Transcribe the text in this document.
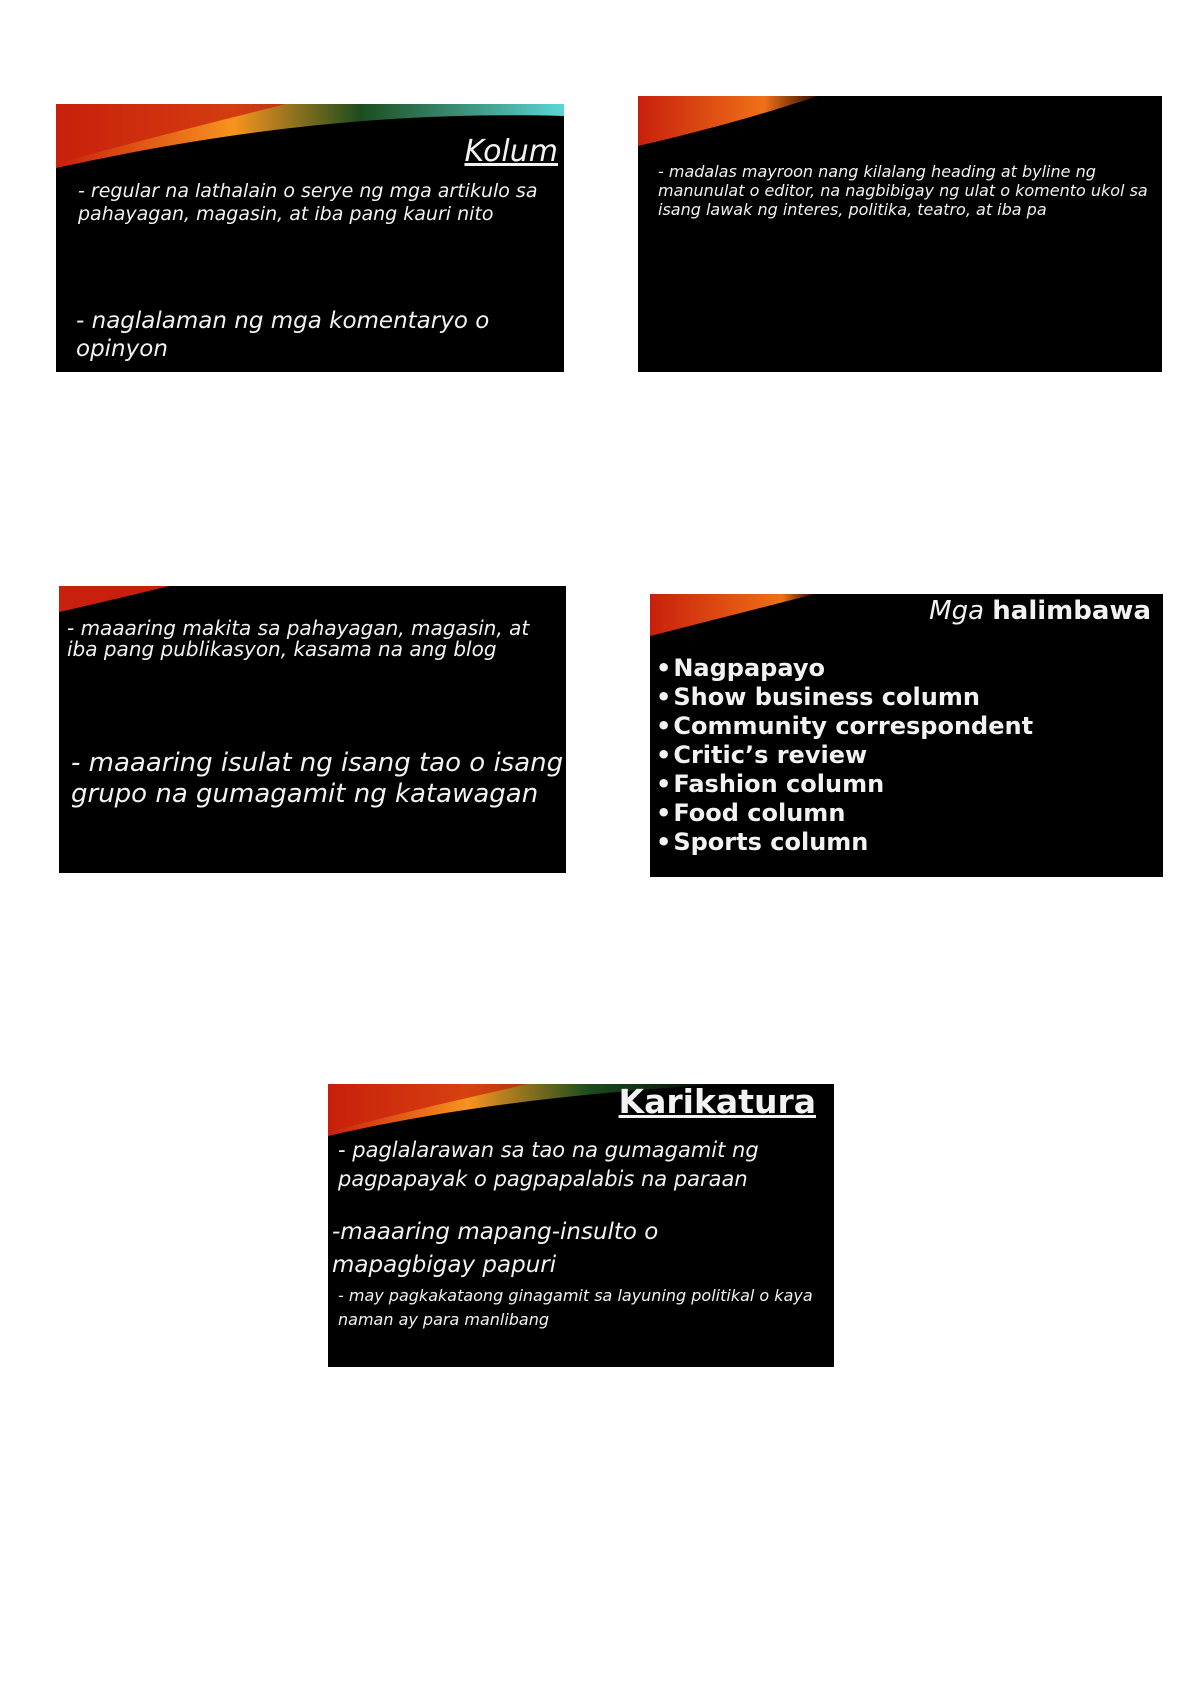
Kolum
- regular na lathalain o serye ng mga artikulo sa pahayagan, magasin, at iba pang kauri nito
- naglalaman ng mga komentaryo o opinyon
- madalas mayroon nang kilalang heading at byline ng manunulat o editor, na nagbibigay ng ulat o komento ukol sa isang lawak ng interes, politika, teatro, at iba pa
- maaaring makita sa pahayagan, magasin, at iba pang publikasyon, kasama na ang blog
- maaaring isulat ng isang tao o isang grupo na gumagamit ng katawagan
Mga halimbawa
• Nagpapayo
• Show business column
• Community correspondent
• Critic’s review
• Fashion column
• Food column
• Sports column
Karikatura
- paglalarawan sa tao na gumagamit ng pagpapayak o pagpapalabis na paraan
-maaaring mapang-insulto o mapagbigay papuri
- may pagkakataong ginagamit sa layuning politikal o kaya naman ay para manlibang
